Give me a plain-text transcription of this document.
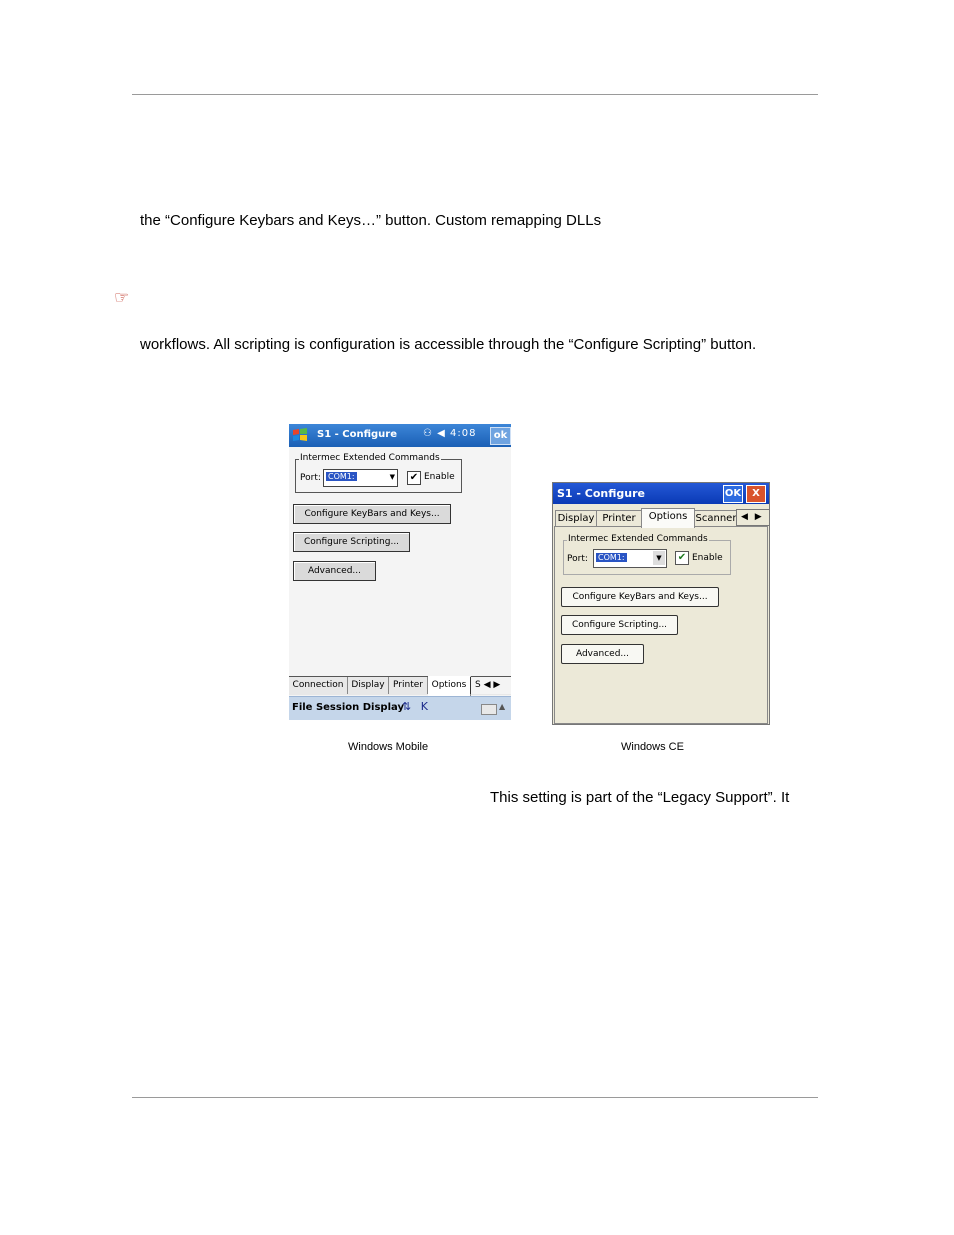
the “Configure Keybars and Keys…” button. Custom remapping DLLs
☞
workflows. All scripting is configuration is accessible through the “Configure Scripting” button.
S1 - Configure	⚇ ◀ 4:08	ok
Intermec Extended Commands
Port: COM1:	▼ ✔ Enable
Configure KeyBars and Keys...
Configure Scripting...
Advanced...
Connection Display Printer Options S ◀ ▶
File Session Display
⇅ K	▲
S1 - Configure	OK	X
Display Printer	Options Scanner ◀ ▶
Intermec Extended Commands
Port: COM1:	▼	✔ Enable
Configure KeyBars and Keys...
Configure Scripting...
Advanced...
Windows Mobile	Windows CE
This setting is part of the “Legacy Support”. It
